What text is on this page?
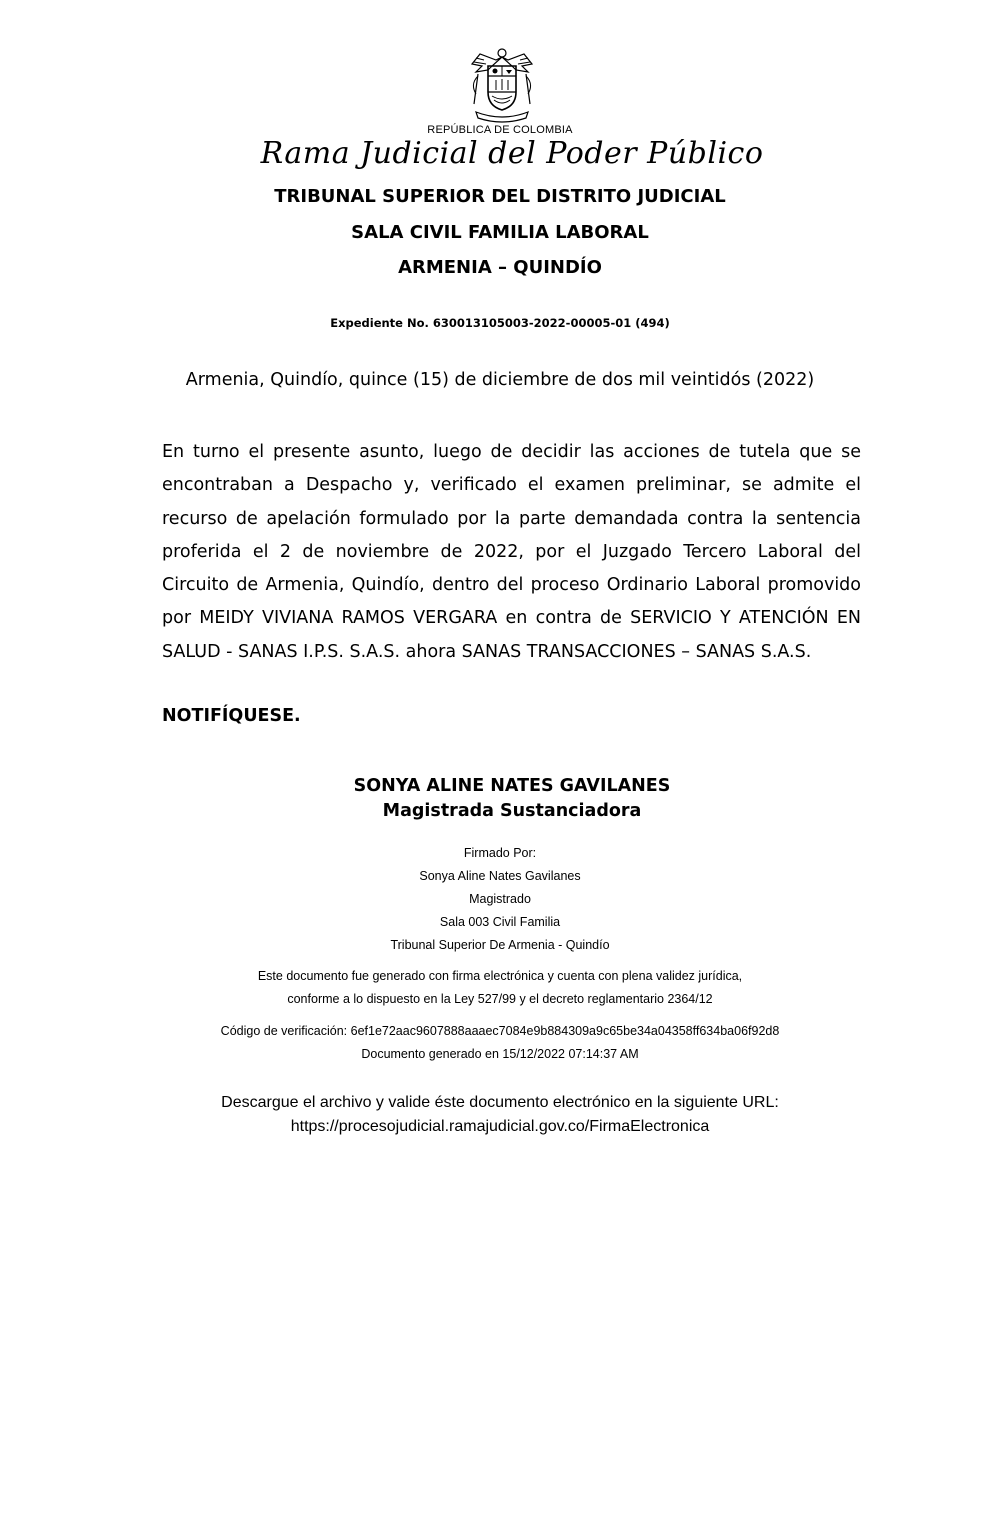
REPÚBLICA DE COLOMBIA
Rama Judicial del Poder Público
TRIBUNAL SUPERIOR DEL DISTRITO JUDICIAL
SALA CIVIL FAMILIA LABORAL
ARMENIA – QUINDÍO
Expediente No. 630013105003-2022-00005-01 (494)
Armenia, Quindío, quince (15) de diciembre de dos mil veintidós (2022)

En turno el presente asunto, luego de decidir las acciones de tutela que se encontraban a Despacho y, verificado el examen preliminar, se admite el recurso de apelación formulado por la parte demandada contra la sentencia proferida el 2 de noviembre de 2022, por el Juzgado Tercero Laboral del Circuito de Armenia, Quindío, dentro del proceso Ordinario Laboral promovido por MEIDY VIVIANA RAMOS VERGARA en contra de SERVICIO Y ATENCIÓN EN SALUD - SANAS I.P.S. S.A.S. ahora SANAS TRANSACCIONES – SANAS S.A.S.

NOTIFÍQUESE.
SONYA ALINE NATES GAVILANES
Magistrada Sustanciadora
Firmado Por:
Sonya Aline Nates Gavilanes
Magistrado
Sala 003 Civil Familia
Tribunal Superior De Armenia - Quindío
Este documento fue generado con firma electrónica y cuenta con plena validez jurídica,
conforme a lo dispuesto en la Ley 527/99 y el decreto reglamentario 2364/12
Código de verificación: 6ef1e72aac9607888aaaec7084e9b884309a9c65be34a04358ff634ba06f92d8
Documento generado en 15/12/2022 07:14:37 AM
Descargue el archivo y valide éste documento electrónico en la siguiente URL:
https://procesojudicial.ramajudicial.gov.co/FirmaElectronica
